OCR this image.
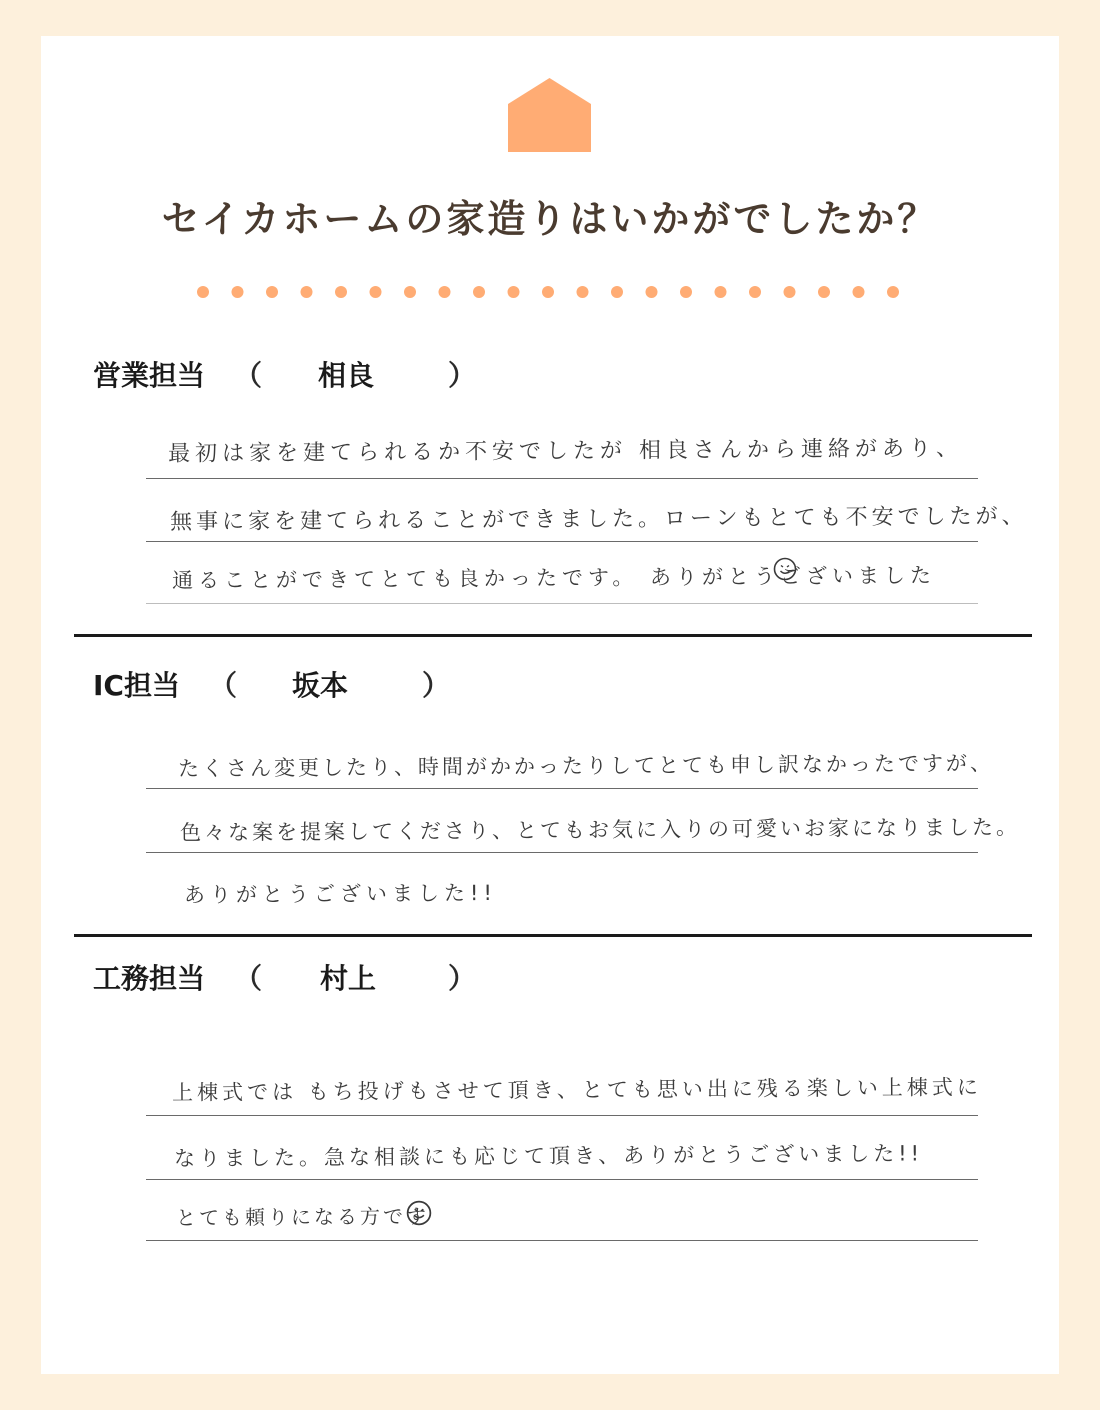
セイカホームの家造りはいかがでしたか？
営業担当 （ 相良	）
最初は家を建てられるか不安でしたが 相良さんから連絡があり、
無事に家を建てられることができました。ローンもとても不安でしたが、
通ることができてとても良かったです。 ありがとうございました
IC担当 （ 坂本	）
たくさん変更したり、時間がかかったりしてとても申し訳なかったですが、
色々な案を提案してくださり、とてもお気に入りの可愛いお家になりました。
ありがとうございました!!
工務担当 （ 村上	）
上棟式では もち投げもさせて頂き、とても思い出に残る楽しい上棟式に
なりました。急な相談にも応じて頂き、ありがとうございました!!
とても頼りになる方です
